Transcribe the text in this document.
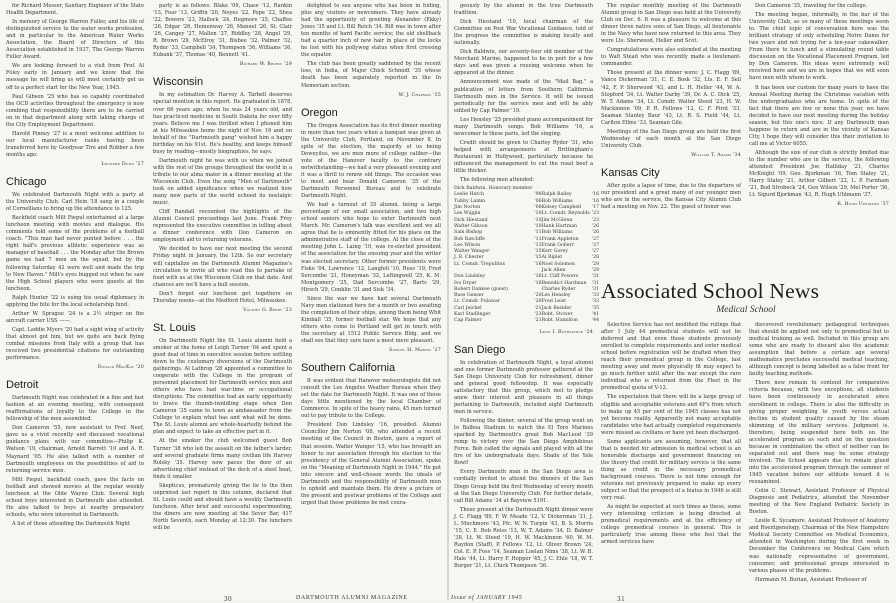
for Richard Messer, Sanitary Engineer of the State Health Department.

In memory of George Warren Fuller, and his life of distinguished service to the water works profession, and in particular to the American Water Works Association, the Board of Directors of this Association established in 1937, The George Warren Fuller Award.

We are looking forward to a visit from Prof. Al Foley early in January and we know that the message he will bring us will most certainly get us off to a perfect start for the New Year, 1945.

Paul Gibson '25 who has so capably coordinated the OCD activities throughout the emergency is now combing that responsibility there are to be carried on in that department along with taking charge of the City Employment Department.

Harold Pinney '27 is a most welcome addition to our local manufacturer ranks having been transferred here by Goodyear Tire and Rubber a few months ago.

Leonard Dunn '27
Chicago

We celebrated Dartmouth Night with a party at the University Club. Carl Hein '18 sang in a couple of Cornellians to bring up the attendance to 125.

Backfield coach Milt Piepul entertained at a large luncheon meeting with movies and dialogue. His comments told some of the problems of a football coach. "This man had never punted before . . . the right half's previous athletic experience was as manager of baseball . . . the Monday after the Brown game we had 7 men on the squad, but by the following Saturday 42 were well and made the trip to New Haven." Milt's eyes bugged out when he saw the High School players who were guests at the luncheon.

Ralph Hunter '22 is using his usual diplomacy in applying the bite for the local scholarship fund.

Arthur W. Sprague '24 is a 2½ striper on the aircraft carrier USS ——.

Capt. Laddie Myers '20 had a sight wing of activity that almost got him, but we quite are back flying combat missions from Italy with a group that has received two presidential citations for outstanding performance.

Donald MacKay '20
Detroit

Dartmouth Night was celebrated in a fine and fast fashion at an evening meeting, with consequent reaffirmations of loyalty to the College in the fellowship of the men assembled.

Don Cameron '55, new assistant to Prof. Neef, gave us a vivid recently and discussed vocational guidance plans with our committee—Philip K. Watson '19, chairman, Arnold Barrett '10 and A. R. Maynard '05. He also talked with a number of Dartmouth employees on the possibilities of aid to returning service men.

Milt Piepul, backfield coach, gave the facts on football and showed movies at the regular weekly luncheon at the Olde Wayne Club. Several high school boys interested in Dartmouth also attended. He also talked to boys at nearby preparatory schools, who were interested in Dartmouth.

A list of those attending the Dartmouth Night

party is as follows: Blake '09, Chase '12, Rankin '13, Fear '13, Griffin '20, Noyes '22, Pope '22, Shea '22, Bowers '23, Hallock '24, Hegmore '25, Chaffee '26, Edgar '26, Hemenway '26, Manuel '26, St. Clair '26, Cangey '27, Mallon '27, Riddley '28, Angel '29, R. Brown '29, McElroy '31, Bisbee '32, Palmer '32, Ryder '33, Campbell '34, Thompson '36, Williams '36, Eubank '37, Thomas '40, Bennett '41.

Richard W. Brown '29
Wisconsin

In my estimation Dr. Harvey A. Tarbell deserves special mention in this report. He graduated in 1878, over 66 years ago, when he was 24 years old, and has practiced medicine in South Dakota for over fifty years. Believe me I was thrilled when I phoned him at his Milwaukee home the night of Nov. 16 and on behalf of the "Dartmouth gang" wished him a happy birthday on his 91st. He's healthy, and keeps himself busy by reading—mostly biographies, he says.

Dartmouth night he was with us when we joined with the rest of the groups throughout the world in a tribute to our alma mater in a dinner meeting at the Wisconsin Club. Even the song "Men of Dartmouth" took on added significance when we realized how many new parts of the world echoed its nostalgic music.

Cliff Randall recounted the highlights of the Alumni Council proceedings last June. Frank Frey represented the executive committee in telling about a dinner conference with Don Cameron on employment aid to returning veterans.

We decided to have our next meeting the second Friday night in January, the 12th. So our secretary will capitalize on the Dartmouth Alumni Magazine's circulation to invite all who read this to partake of food with us at the Wisconsin Club on that date. And chances are we'll have a bull session.

Don't forget our luncheon get togethers on Thursday noons—at the Medford Hotel, Milwaukee.

Vaughn G. Berry '23
St. Louis

On Dartmouth Night the St. Louis alumni held a smoker at the home of Leigh Turner '04 and spent a good deal of time in executive session before settling down to the customary diversions of the Dartmouth gatherings. Al Lathrop '28 appointed a committee to cooperate with the College in the program of personnel placement for Dartmouth service men and others who have had war-time or occupational disruptions. The committee had an early opportunity to brave the thumb-twiddling stage when Don Cameron '35 came to town as ambassador from the College to explain what has and what will be done. The St. Louis alumni are whole-heartedly behind the plan and expect to take an effective part in it.

At the smoker the club welcomed guest Bob Turner '38 who led the assault on the father's larder, and several graduate firms many civilian life Harvey Rolsky '35. Harvey now paces the door of an advertising chief instead of the deck of a steel boat, finds it smaller.

Skepticus, prematurely giving the lie to the then unprinted last report in this column, declared that St. Louis could and should have a weekly Dartmouth luncheon. After brief and successful experimenting, the diners are now meeting at the Sever Bar, 417 North Seventh, each Monday at 12:30. The lunchers will be

delighted to see anyone who has been in hiding, plus any visitors or newcomers. They have already had the opportunity of greeting Alexander (Ekky) Jones '35 and Lt. Bill Reich '34. Bill was in town after ten months of hard Pacific service; the old shellback had a quarter inch of new hair in place of the locks he lost with his pollywog status when first crossing the equator.

The club has been greatly saddened by the recent loss, in India, of Major Chick Schmidt '35 whose death has been separately reported in the In Memoriam section.

W. J. Chapman '35
Oregon

The Oregon Association has its first dinner meeting in more than two years when a banquet was given at the University Club, Portland, on November 8. In spite of the election, the majority of us being Deweyites, we are men more of college caliber—the vote of the Hanover faculty to the contrary notwithstanding—we had a very pleasant evening and it was a thrill to renew old things. The occasion was to meet and hear Donald Cameron '35 of the Dartmouth Personnel Bureau and to celebrate Dartmouth Night.

We had a turnout of 35 alumni, being a large percentage of our small association, and two high school seniors who hope to enter Dartmouth next March. Mr. Cameron's talk was excellent and we all agree that he is eminently fitted for his place on the administrative staff of the college. At the close of the meeting John L. Laing '10, was re-elected president of the association for the ensuing year and the writer was elected secretary. Other former presidents were Fiske '04, Lawrence '12, Langfell '10, Ross '19, Fred Sercombe '21, Honeyman '32, Leftingwell '25, K. M. Montgomery '25, Dad Sercombe '27, Barts '29, Hirsch '29, Conklin '31 and Sisk '34.

Since the war we have had several Dartmouth Navy men stationed here for a month or two awaiting the completion of their ships, among them being Whit Kimball '35, former football star. We hope that any others who come to Portland will get in touch with the secretary at 1512 Public Service Bldg. and we shall see that they sure have a most mere pleasant.

Samuel H. Martin '27
Southern California

It was evident that Hanover meteorologists did not consult the Los Angeles Weather Bureau when they set the date for Dartmouth Night. It was one of those days little mentioned by the local Chamber of Commerce. In spite of the heavy rains, 45 men turned out to pay tribute to the College.

President Don Lindsley '16, presided. Alumni Councillor Jim Norton '08, who attended a recent meeting of the Council in Boston, gave a report of that session. Walter Wanger '15, who has brought an honor to our association through his election to the presidency of the General Alumni Association, spoke on the "Meaning of Dartmouth Night in 1944." He put into sincere and well-chosen words the ideals of Dartmouth and the responsibility of Dartmouth men to uphold and maintain them. He drew a picture of the present and postwar problems of the College and urged that these problems be met coura-

30	DARTMOUTH ALUMNI MAGAZINE

geously by the alumni in the true Dartmouth tradition.

Dick Hiestand '10, local chairman of the Committee on Post War Vocational Guidance, told of the progress the committee is making locally and nationally.

Dick Baldwin, our seventy-four old member of the Merchant Marine, happened to be in port for a few days and was given a rousing welcome when he appeared at the dinner.

Announcement was made of the "Mail Bag," a publication of letters from Southern California Dartmouth men in the Service. It will be issued periodically for the service men and will be ably edited by Cap Palmer '19.

Les Hensley '25 presided piano accompaniment for many Dartmouth songs. Bob Williams '16, a newcomer to these parts, led the singing.

Credit should be given to Charley Ryder '31, who helped with arrangements at Brittingham's Restaurant in Hollywood, particularly because he influenced the management to cut the roast beef a little thicker.

The following men attended:

Dick Baldwin, Honorary member			
Leslie Hatch	'98	Ralph Bailey	'16
Tubby Lamm	'06	Bob Williams	'16
Jim Norton	'08	Kelsey Campbell	'17
Les Wiggin	'10	Lt. Comdr. Reynolds	'23
Dick Hiestand	'10	Jim McGlenn	'23
Walter Gibson	'10	Hank Hartman	'26
Sam Bishop	'11	Bob Williams	'26
Bob Ratcliffe	'11	Frank Appleton	'27
Leo Wilson	'13	Frank Gollerr	'27
Walter Wanger	'15	Kerr Gorey	'27
J. B. Chester	'15	Al Riplet	'28
Lt. Comdr. Trepulitus	'16	Noel Solomon	'29
		Jack Allen	'29
Don Lindsley	'16	Lt. Cliff Powers	'31
Ivo Dryer	'16	Benedict Hardman	'31
Robert Dankee (guest)		Charles Ryder	'31
Russ Genser	'20	Les Hensley	'33
Lt. Comdr. Pulawar	'20	Fred Leist	'33
Carl Jeichel	'21	Jack Resider	'35
Karl Stadlinger	'23	Robt. Stower	'41
Cap Palmer	'21	Robt. Hamilton	'44
Leon I. Rothschild '24
San Diego

In celebration of Dartmouth Night, a loyal alumni and one former Dartmouth professor gathered at the San Diego University Club for refreshment, dinner and general good fellowship. It was especially satisfactory that this group, which met to pledge anew their interest and pleasure in all things pertaining to Dartmouth, included eight Dartmouth men in service.

Following the dinner, several of the group went on to Balboa Stadium to watch the El Toro Marines sparked by Dartmouth's great Bob MacLeod '39 romp to victory over the San Diego Amphibious Force. Bob called the signals and played with all the fire of his undergraduate days. Shade of the Yale Bowl!

Every Dartmouth man in the San Diego area is cordially invited to attend the dinners of the San Diego Group held the first Wednesday of every month at the San Diego University Club. For further details, call Bill Adams '34 at Bayview 5191.

Those present at the Dartmouth Night dinner were J. C. Flagg '89, F. W. Meade '12, V. Dickerman '31, J. L. Muchmore '43, Pfc. W. N. Turpin '43, B. S. Morris '15, C. E. Bob Reiss '13, W. T. Adams '34, D. Balmer '38, Lt. W. Steed '19, H. W. Mackinnon '60, W. M. Raydon (Staff), P. Fellows '12, Lt. Oliver Brown '24, Col. E. P. Foss '14, Seaman Loelan Nims '38, Lt. W. B. Hale '44, Lt. Harry F. Hopper '45, J. C. Ehle '18, W. T. Burger '21, Lt. Chick Thompson '36.

The regular monthly meeting of the Dartmouth Alumni group in San Diego was held at the University Club on Dec. 6. It was a pleasure to welcome at this dinner three native sons of San Diego, all lieutenants in the Navy who have now returned to this area. They were Lts. Sherwood, Heller and Scot.

Congratulations were also extended at the meeting to Walt Stead who was recently made a lieutenant-commander.

Those present at the dinner were: J. C. Flagg '89, Vance Dickerman '31, C. E. Bosk '32, Lts. E. F. Sell '42, F. P. Sherwood '43, and L. H. Heller '44, W. A. Stopford '34, Lt. Walter Darby '39, Dr. A. C. Dick '25, W. T. Adams '34, Lt. Comdr. Walter Steed '23, H. W. Mackinnon '09, P. R. Fellows '12, C. F. Pirot '33, Seaman Stanley Baur '43, Lt. R. S. Field '44, Lt. Carlton Ellms '33, Seaman Gile.

Meetings of the San Diego group are held the first Wednesday of each month at the San Diego University Club.

William T. Adams '34
Kansas City

After quite a lapse of time, due to the departure of our president and a great many of our younger men who are in the service, the Kansas City Alumni Club had a meeting on Nov. 22. The guest of honor was

Don Cameron '35, traveling for the college.

The meeting began, informally, in the bar of the University Club, as so many of these meetings seem to. The chief topic of conversation here was the brilliant strategy of only scheduling Notre Dame for two years and not trying for a ten-year cakewalker. From there to lunch and a stimulating round table discussion on the Vocational Placement Program, led by Don Cameron. His ideas were extremely well received here and we are in hopes that we will soon have men with whom to work.

It has been our custom for many years to have the Annual Meeting during the Christmas vacation with the undergraduates who are home. In spite of the fact that there are few or none this year, we have decided to have our next meeting during the holiday season, but this one's nice. If any Dartmouth man happens to return and are in the vicinity of Kansas City, I hope they will consider this their invitation to call me at Victor 6055.

Although the size of our club is strictly limited due to the number who are in the service, the following attended: President Joe Halliday '21, Charles McKnight '09, Geo. Bjorkman '16, Tom Staley '21, Harry Staley '21, Arthur Gilbert '22, L. P. Farnham '21, Bud Strobeck '24, Gen Wilson '29, Mel Porter '36, Lt. Sigurd Bjorkman '43, R. Hugh Uhlmann '37.

R. Hugh Uhlmann '37
Associated School News
Medical School

Selective Service has not modified the rulings that after 1 July 44 premedical students will not be deferred and that even those students previously enrolled to complete requirements and enter medical school before registration will be drafted when they reach their premedical group in the College, last meeting away and more physically fit may expect to go much further until after the war except the rare individual who is returned from the Fleet in the premedical quota of V-12.

The expectation that there will be a large group of eligible and acceptable veterans and 4F's from which to make up 45 per cent of the 1945 classes has not yet become reality. Apparently not many acceptable candidates who had actually completed requirements were missed as civilians or have yet been discharged.

Some applicants are assuming, however, that all that is needed for admission to medical school is an honorable discharge and government financing on the theory that credit for military service is the same thing as credit in the necessary premedical background courses. There is not time enough for veterans not previously prepared to make up every subject so that the prospect of a hiatus in 1946 is still very real.

As might be expected at such times as these, some very interesting criticism is being directed at premedical requirements and at the efficiency of college premedical courses in general. This is particularly true among those who feel that the armed services have

discovered revolutionary pedagogical techniques that should be applied not only to premedical but to medical training as well. Included in this group are some who are ready to discard also the academic assumption that before a certain age several mathematics precludes successful medical teaching, although concept is being labelled as a false front for faulty teaching methods.

There now remain to contend for comparative criteria because, with two exceptions, all students have been continuously in accelerated since enrollment in college. There is also the difficulty in giving proper weighting to youth versus actual decline in student quality caused by the steam skimming of the military services. Judgment is, therefore, being suspended here both on the accelerated program as such and on the question because in combination the effect of neither can be separated out and there may be some strategy involved. The School appears due to remain glued into the accelerated program through the summer of 1945 vacation before our attitude toward it is reexamined.

Colin C. Stewart, Assistant Professor of Physical Diagnosis and Pediatrics, attended the November meeting of the New England Pediatric Society in Boston.

Leslie K. Sycamore, Assistant Professor of Anatomy and Roentgenology, Chairman of the New Hampshire Medical Society Committee on Medical Economics, attended in Washington during the first week in December the Conference on Medical Care which was nationally representative of government, consumer, and professional groups interested in various phases of the problems.

Hermann M. Burian, Assistant Professor of

Issue of JANUARY 1945	31
